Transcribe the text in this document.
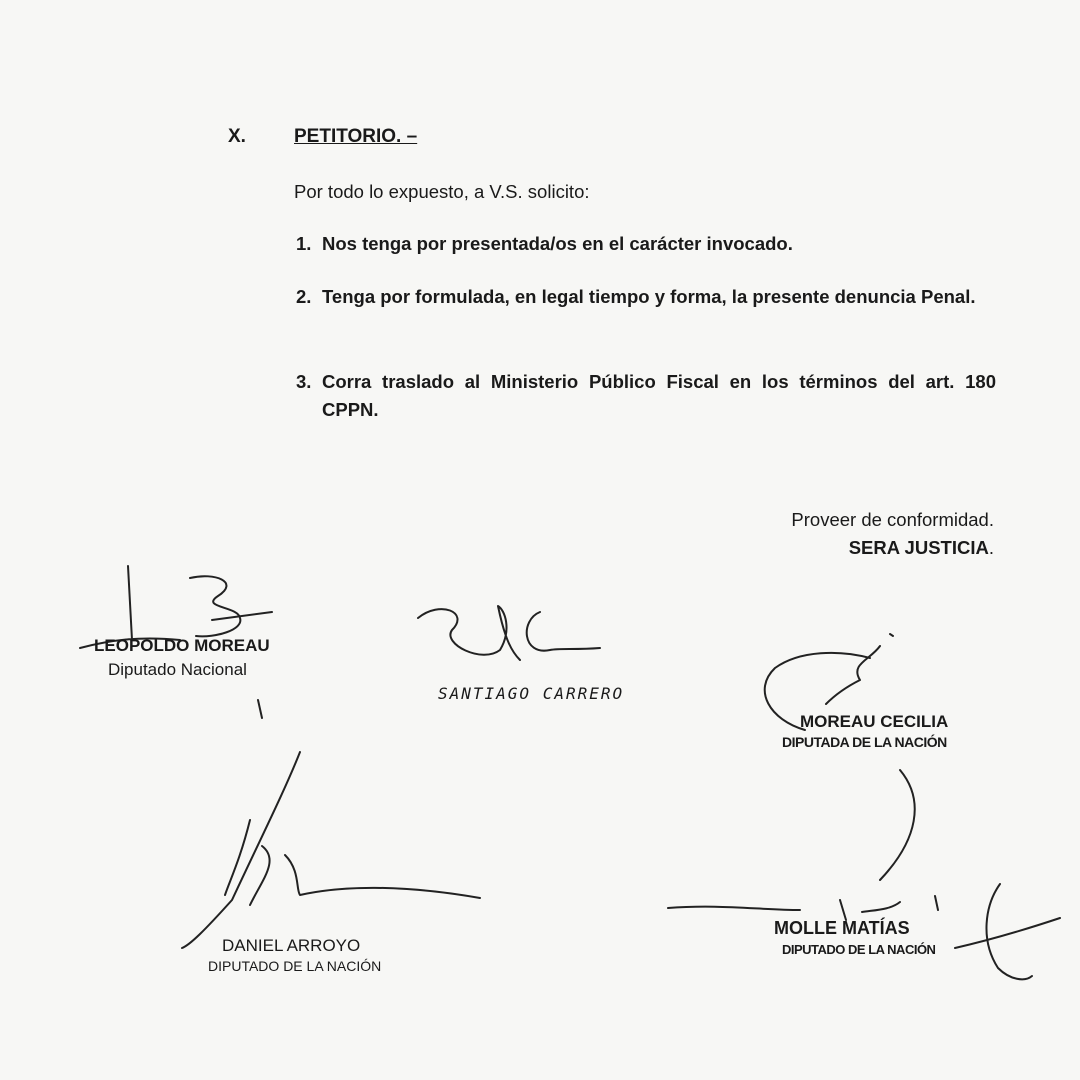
X.	PETITORIO. –
Por todo lo expuesto, a V.S. solicito:
1. Nos tenga por presentada/os en el carácter invocado.
2. Tenga por formulada, en legal tiempo y forma, la presente denuncia Penal.
3. Corra traslado al Ministerio Público Fiscal en los términos del art. 180 CPPN.
Proveer de conformidad.
SERA JUSTICIA.
LEOPOLDO MOREAU
Diputado Nacional
SANTIAGO CARRERO
MOREAU CECILIA
DIPUTADA DE LA NACIÓN
DANIEL ARROYO
DIPUTADO DE LA NACIÓN
MOLLE MATÍAS
DIPUTADO DE LA NACIÓN
